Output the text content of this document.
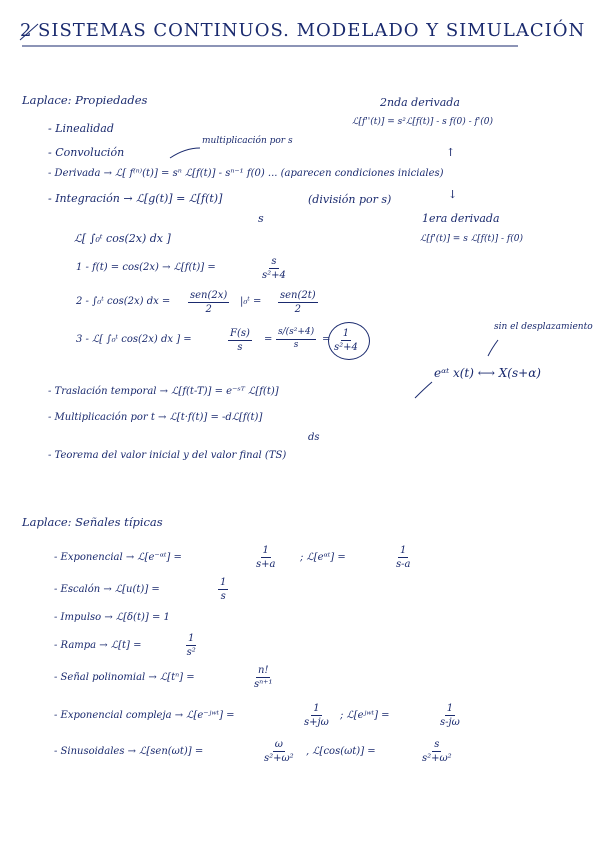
2 SISTEMAS CONTINUOS. MODELADO Y SIMULACIÓN
Laplace: Propiedades
- Linealidad
- Convolución
multiplicación por s
2nda derivada
ℒ[f''(t)] = s²ℒ[f(t)] - s f(0) - f'(0)
↑
- Derivada → ℒ[ f⁽ⁿ⁾(t)] = sⁿ ℒ[f(t)] - sⁿ⁻¹ f(0) ... (aparecen condiciones iniciales)
↓
- Integración → ℒ[g(t)] = ℒ[f(t)]
s
(división por s)
1era derivada
ℒ[f'(t)] = s ℒ[f(t)] - f(0)
ℒ[ ∫₀ᵗ cos(2x) dx ]
1 - f(t) = cos(2x) → ℒ[f(t)] =	$\frac{s}{\text{s²+4}}$
2 - ∫₀ᵗ cos(2x) dx =
sen(2x)
2
|₀ᵗ =
sen(2t)
2
3 - ℒ[ ∫₀ᵗ cos(2x) dx ] =	$\frac{F(s)}{s} = \frac{\text{s/(s²+4)}}{s} = \frac{1}{\text{s²+4}}$
sin el desplazamiento
eᵅᵗ x(t) ⟷ X(s+α)
- Traslación temporal → ℒ[f(t-T)] = e⁻ˢᵀ ℒ[f(t)]
- Multiplicación por t → ℒ[t·f(t)] = -dℒ[f(t)]
ds
- Teorema del valor inicial y del valor final (TS)
Laplace: Señales típicas
- Exponencial → ℒ[e⁻ᵅᵗ] =	$\frac{1}{s+a}$ ; ℒ[eᵅᵗ] =	$\frac{1}{s-a}$
- Escalón → ℒ[u(t)] =	$\frac{1}{s}$
- Impulso → ℒ[δ(t)] = 1
- Rampa → ℒ[t] =	$\frac{1}{\text{s²}}$
- Señal polinomial → ℒ[tⁿ] =	$\frac{n!}{\text{sⁿ⁺¹}}$
- Exponencial compleja → ℒ[e⁻ʲʷᵗ] =	$\frac{1}{s+j\omega}$ ; ℒ[eʲʷᵗ] =	$\frac{1}{s-j\omega}$
- Sinusoidales → ℒ[sen(ωt)] =	$\frac{\omega}{\text{s²+ω²}}$ , ℒ[cos(ωt)] =	$\frac{s}{\text{s²+ω²}}$
